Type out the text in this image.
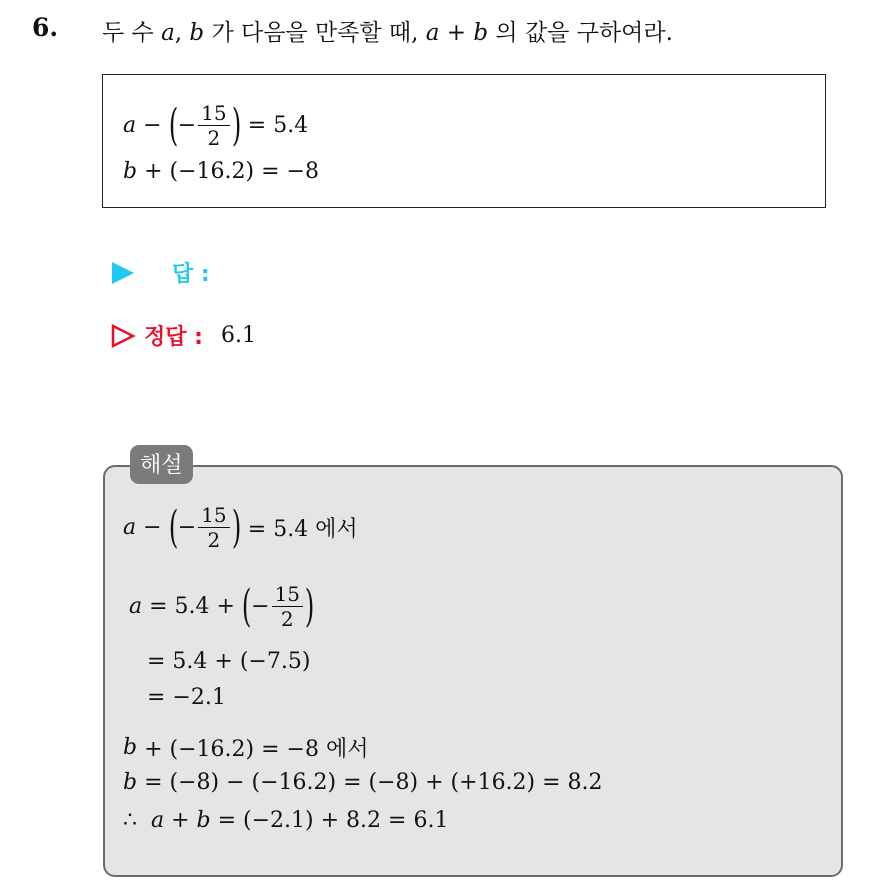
6. 두 수 a, b 가 다음을 만족할 때, a + b 의 값을 구하여라.
a − ( − $\frac{15}{2}$ ) = 5.4
b + (−16.2) = −8
답 :
정답 : 6.1
a − ( − $\frac{15}{2}$ ) = 5.4 에서
a = 5.4 + ( − $\frac{15}{2}$ )
= 5.4 + (−7.5)
= −2.1
b + (−16.2) = −8 에서
b = (−8) − (−16.2) = (−8) + (+16.2) = 8.2
∴ a + b = (−2.1) + 8.2 = 6.1
해설
